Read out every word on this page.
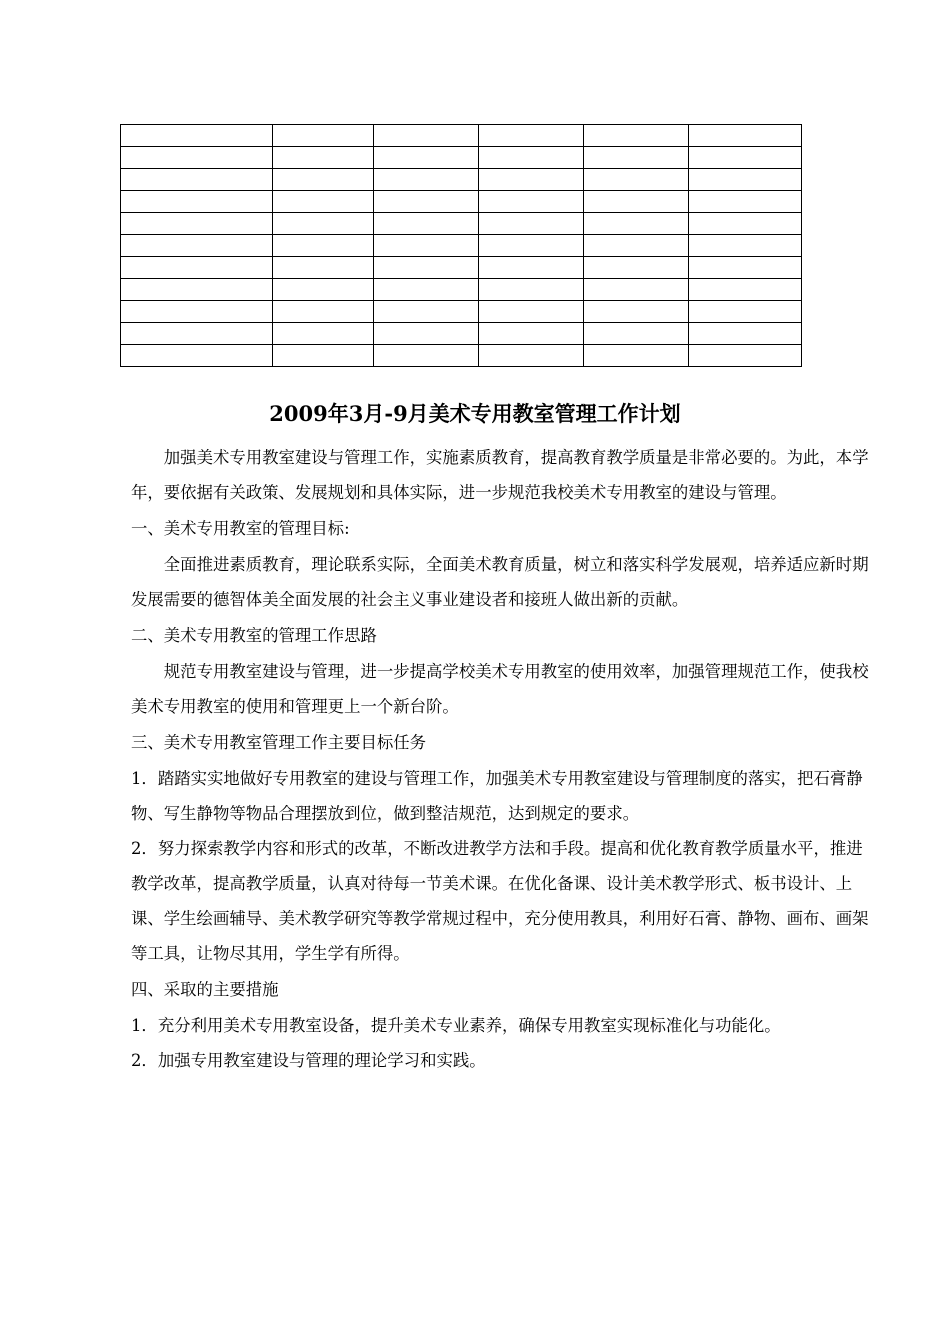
2009年3月-9月美术专用教室管理工作计划

加强美术专用教室建设与管理工作，实施素质教育，提高教育教学质量是非常必要的。为此，本学年，要依据有关政策、发展规划和具体实际，进一步规范我校美术专用教室的建设与管理。

一、美术专用教室的管理目标:

全面推进素质教育，理论联系实际，全面美术教育质量，树立和落实科学发展观，培养适应新时期发展需要的德智体美全面发展的社会主义事业建设者和接班人做出新的贡献。

二、美术专用教室的管理工作思路

规范专用教室建设与管理，进一步提高学校美术专用教室的使用效率，加强管理规范工作，使我校美术专用教室的使用和管理更上一个新台阶。

三、美术专用教室管理工作主要目标任务

1．踏踏实实地做好专用教室的建设与管理工作，加强美术专用教室建设与管理制度的落实，把石膏静物、写生静物等物品合理摆放到位，做到整洁规范，达到规定的要求。

2．努力探索教学内容和形式的改革，不断改进教学方法和手段。提高和优化教育教学质量水平，推进教学改革，提高教学质量，认真对待每一节美术课。在优化备课、设计美术教学形式、板书设计、上课、学生绘画辅导、美术教学研究等教学常规过程中，充分使用教具，利用好石膏、静物、画布、画架等工具，让物尽其用，学生学有所得。

四、采取的主要措施

1．充分利用美术专用教室设备，提升美术专业素养，确保专用教室实现标准化与功能化。

2．加强专用教室建设与管理的理论学习和实践。
